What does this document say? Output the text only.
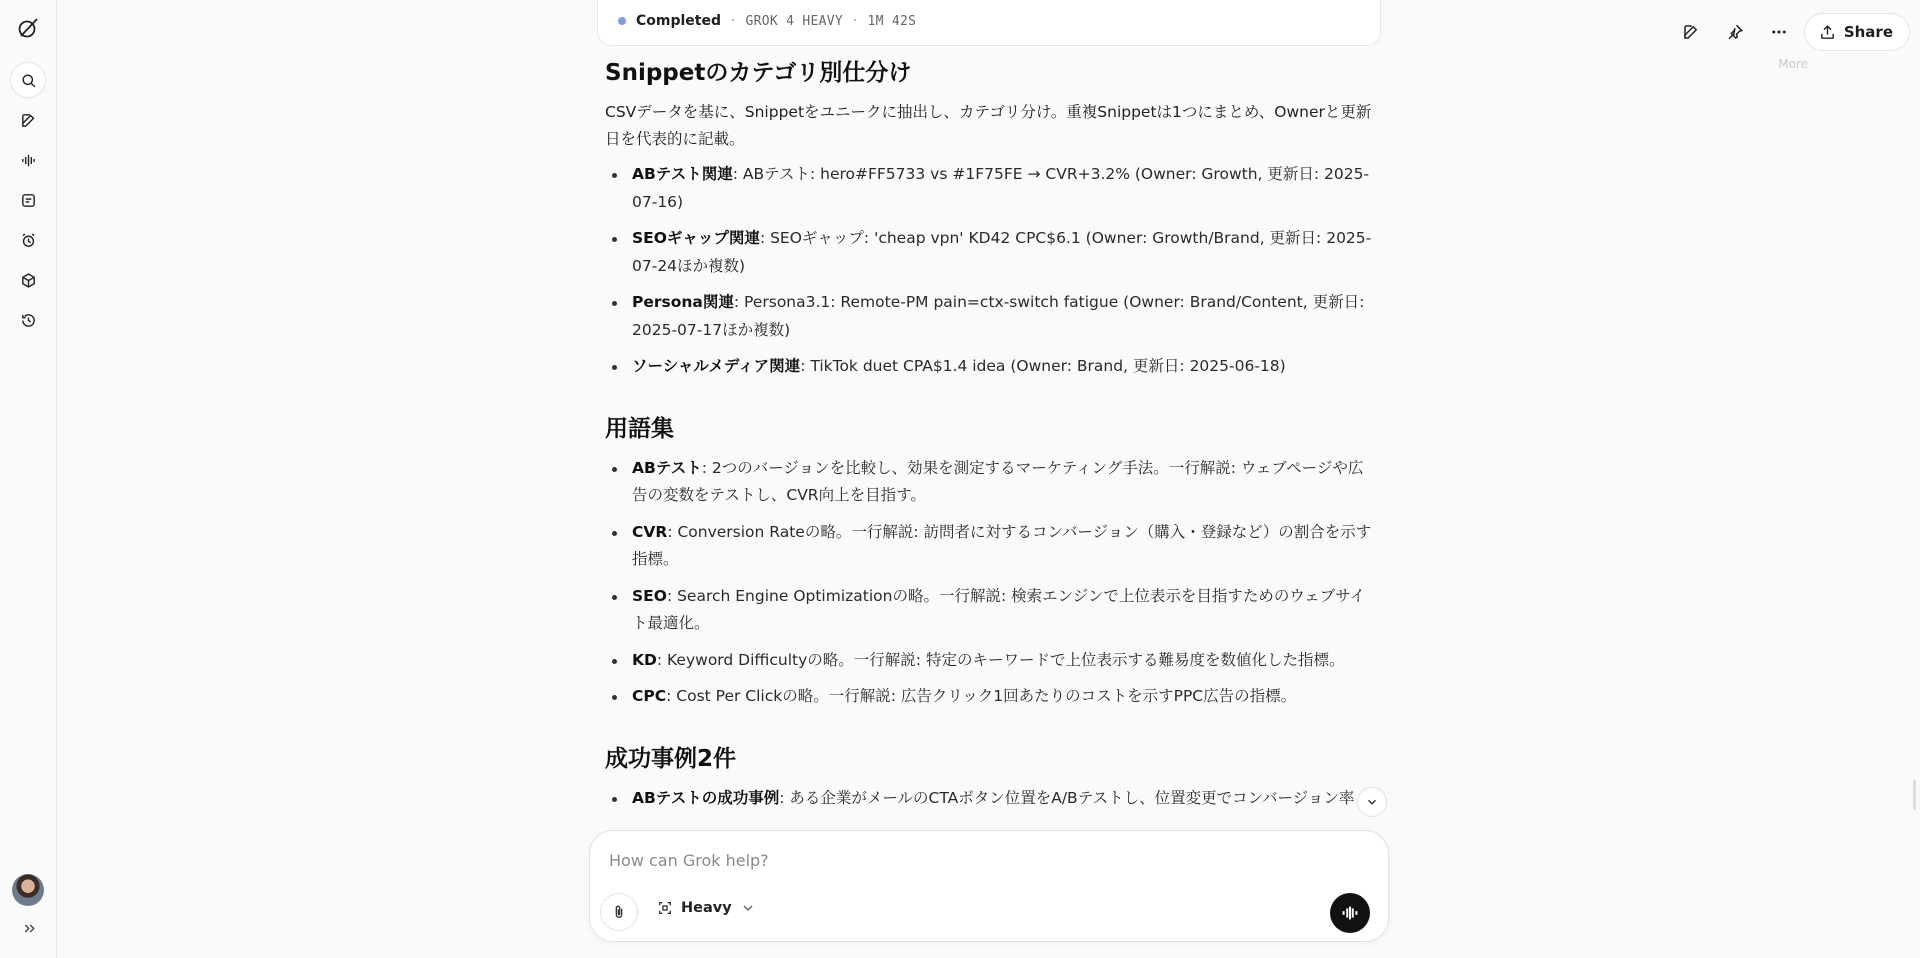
Completed · GROK 4 HEAVY · 1M 42S
Share
More
Snippetのカテゴリ別仕分け

CSVデータを基に、Snippetをユニークに抽出し、カテゴリ分け。重複Snippetは1つにまとめ、Ownerと更新日を代表的に記載。

ABテスト関連: ABテスト: hero#FF5733 vs #1F75FE → CVR+3.2% (Owner: Growth, 更新日: 2025-07-16)
SEOギャップ関連: SEOギャップ: 'cheap vpn' KD42 CPC$6.1 (Owner: Growth/Brand, 更新日: 2025-07-24ほか複数)
Persona関連: Persona3.1: Remote-PM pain=ctx-switch fatigue (Owner: Brand/Content, 更新日: 2025-07-17ほか複数)
ソーシャルメディア関連: TikTok duet CPA$1.4 idea (Owner: Brand, 更新日: 2025-06-18)
用語集
ABテスト: 2つのバージョンを比較し、効果を測定するマーケティング手法。一行解説: ウェブページや広告の変数をテストし、CVR向上を目指す。
CVR: Conversion Rateの略。一行解説: 訪問者に対するコンバージョン（購入・登録など）の割合を示す指標。
SEO: Search Engine Optimizationの略。一行解説: 検索エンジンで上位表示を目指すためのウェブサイト最適化。
KD: Keyword Difficultyの略。一行解説: 特定のキーワードで上位表示する難易度を数値化した指標。
CPC: Cost Per Clickの略。一行解説: 広告クリック1回あたりのコストを示すPPC広告の指標。
成功事例2件
ABテストの成功事例: ある企業がメールのCTAボタン位置をA/Bテストし、位置変更でコンバージョン率
How can Grok help?
Heavy
